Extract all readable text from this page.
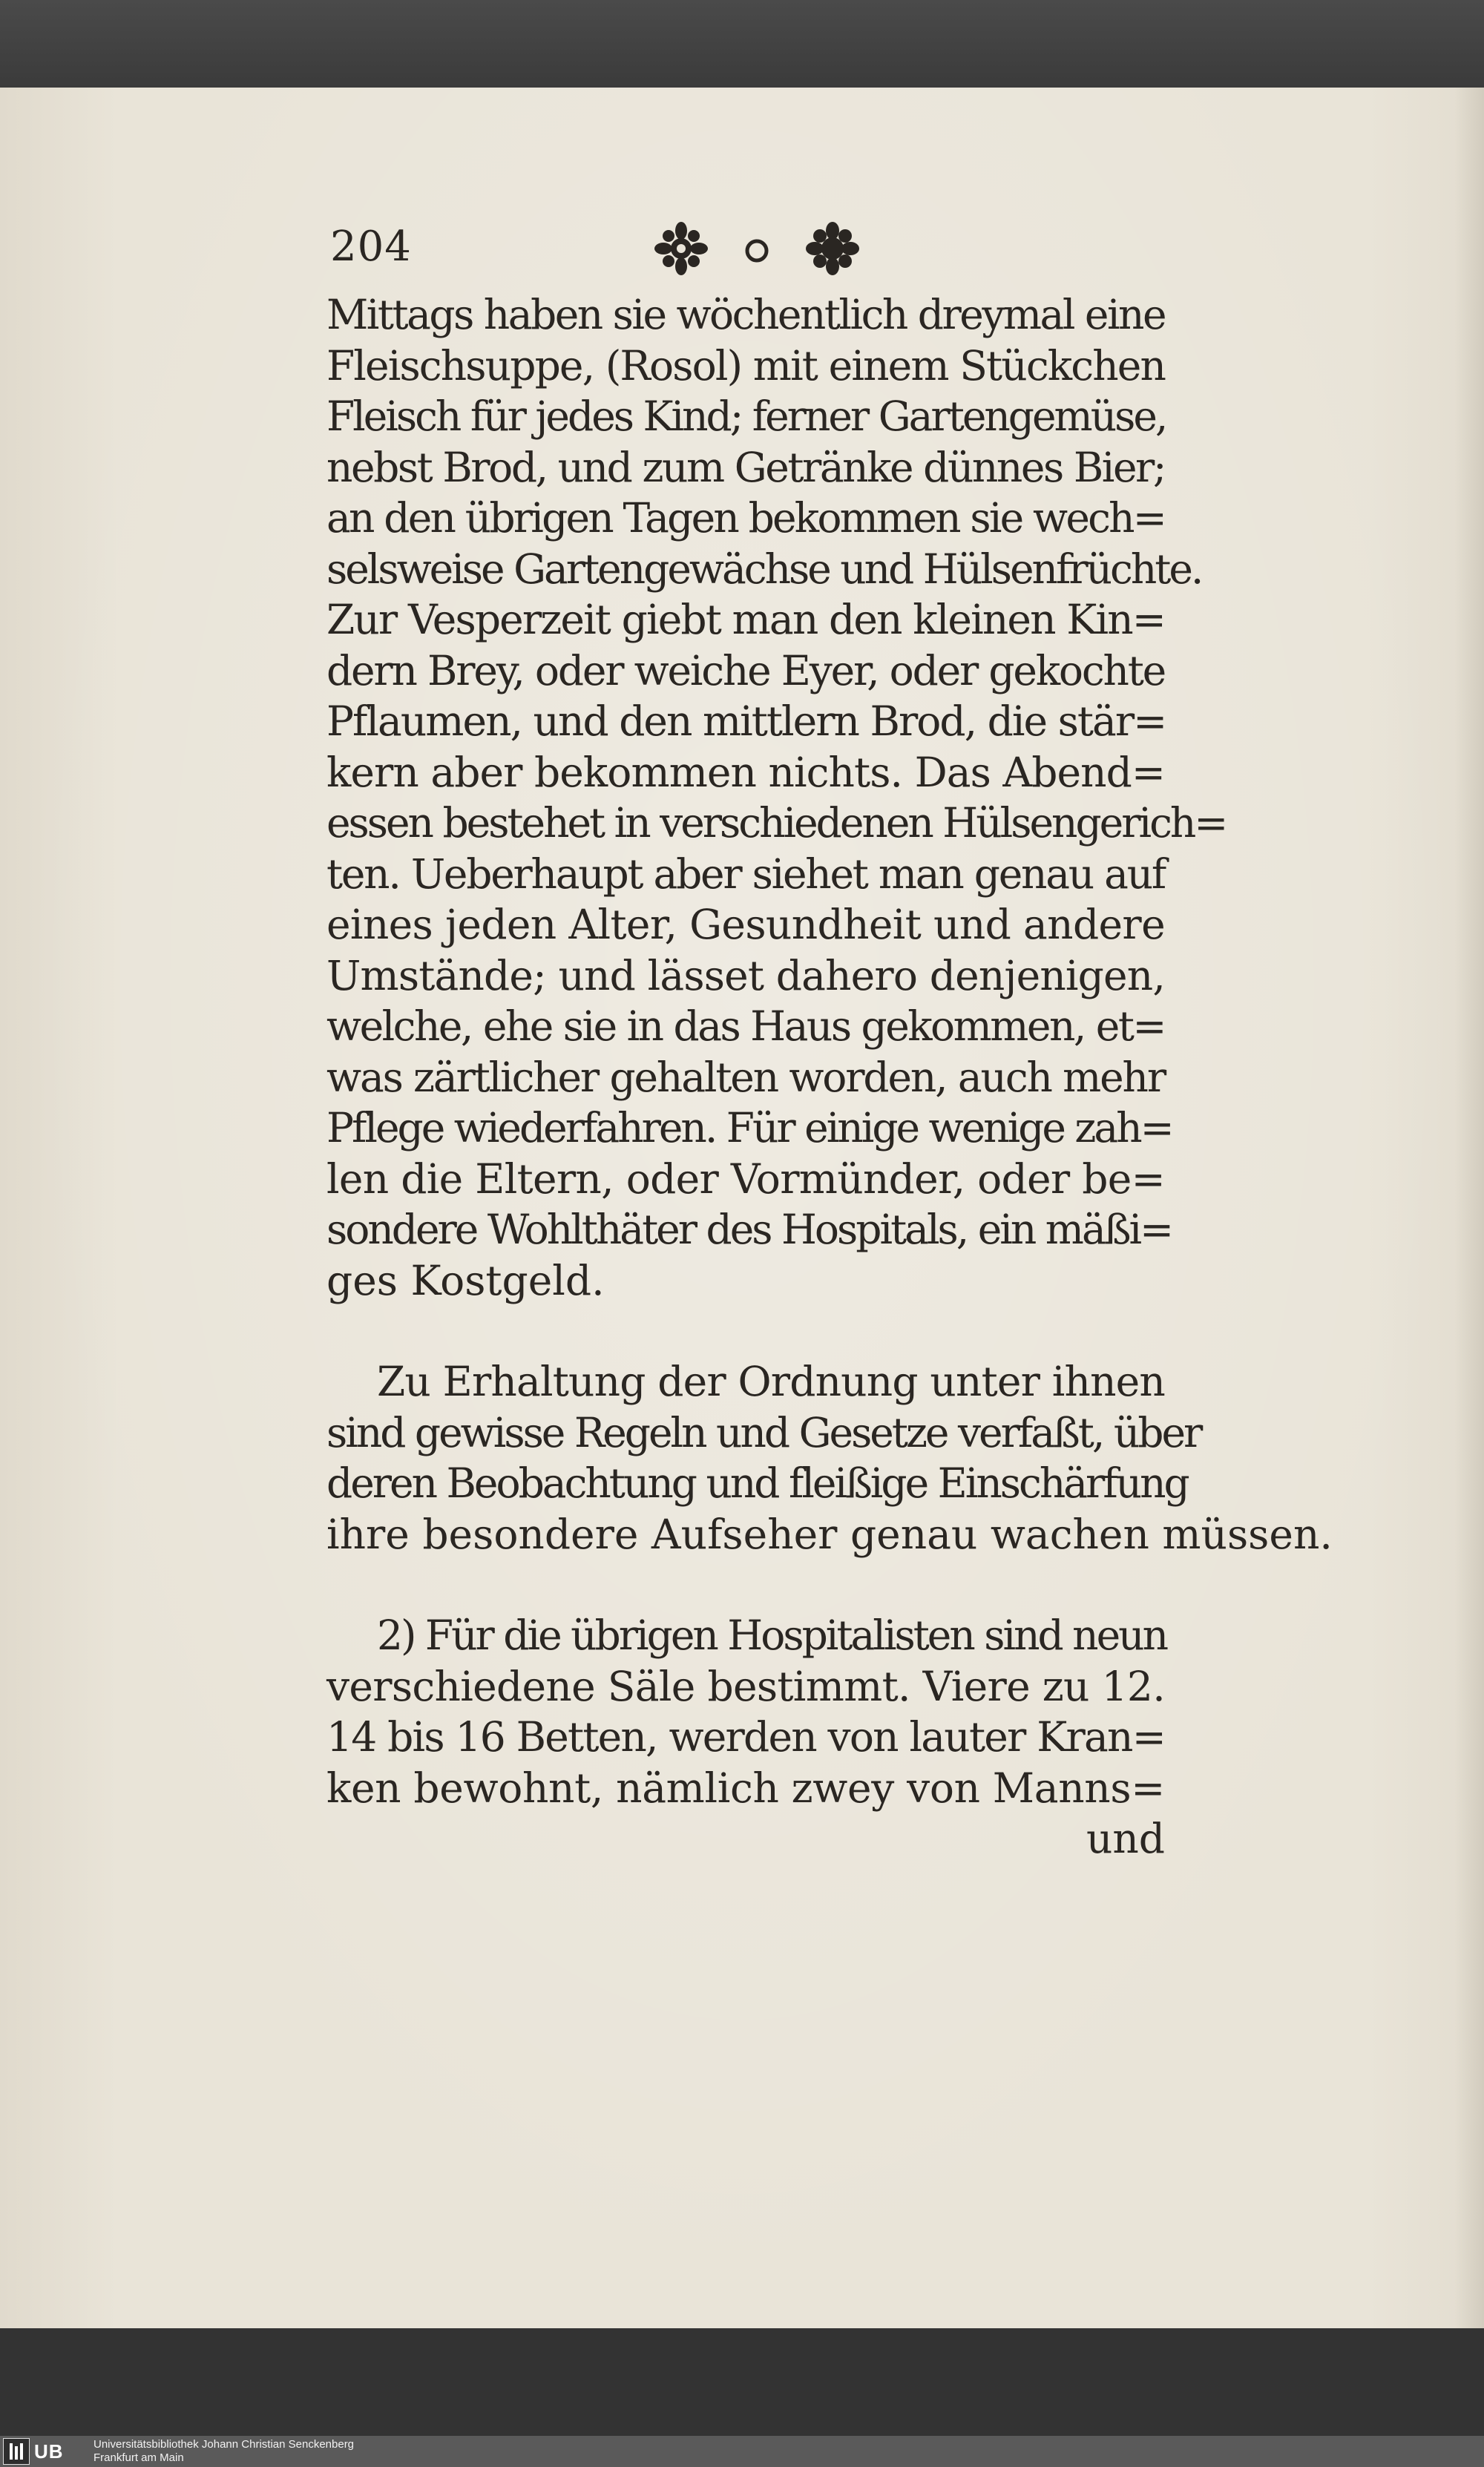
204
Mittags haben sie wöchentlich dreymal eine
Fleischsuppe, (Rosol) mit einem Stückchen
Fleisch für jedes Kind; ferner Gartengemüse,
nebst Brod, und zum Getränke dünnes Bier;
an den übrigen Tagen bekommen sie wech=
selsweise Gartengewächse und Hülsenfrüchte.
Zur Vesperzeit giebt man den kleinen Kin=
dern Brey, oder weiche Eyer, oder gekochte
Pflaumen, und den mittlern Brod, die stär=
kern aber bekommen nichts. Das Abend=
essen bestehet in verschiedenen Hülsengerich=
ten. Ueberhaupt aber siehet man genau auf
eines jeden Alter, Gesundheit und andere
Umstände; und lässet dahero denjenigen,
welche, ehe sie in das Haus gekommen, et=
was zärtlicher gehalten worden, auch mehr
Pflege wiederfahren. Für einige wenige zah=
len die Eltern, oder Vormünder, oder be=
sondere Wohlthäter des Hospitals, ein mäßi=
ges Kostgeld.
Zu Erhaltung der Ordnung unter ihnen
sind gewisse Regeln und Gesetze verfaßt, über
deren Beobachtung und fleißige Einschärfung
ihre besondere Aufseher genau wachen müssen.
2) Für die übrigen Hospitalisten sind neun
verschiedene Säle bestimmt. Viere zu 12.
14 bis 16 Betten, werden von lauter Kran=
ken bewohnt, nämlich zwey von Manns=
und
UB	Universitätsbibliothek Johann Christian Senckenberg
Frankfurt am Main
